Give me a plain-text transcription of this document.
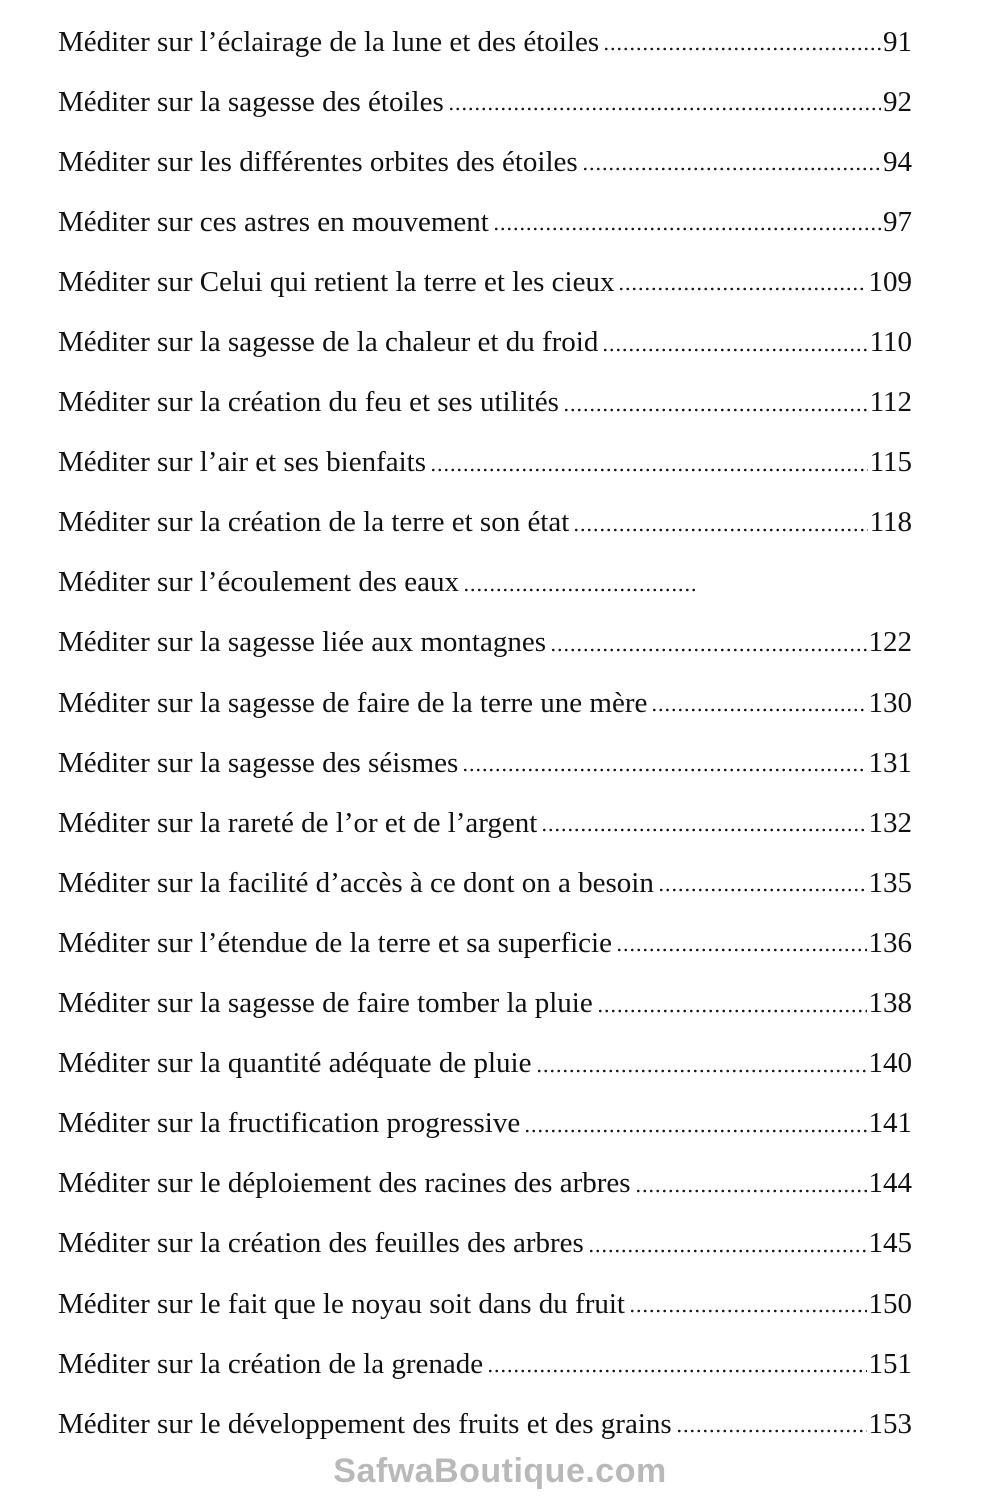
Méditer sur l’éclairage de la lune et des étoiles	91
Méditer sur la sagesse des étoiles	92
Méditer sur les différentes orbites des étoiles	94
Méditer sur ces astres en mouvement	97
Méditer sur Celui qui retient la terre et les cieux	109
Méditer sur la sagesse de la chaleur et du froid	110
Méditer sur la création du feu et ses utilités	112
Méditer sur l’air et ses bienfaits	115
Méditer sur la création de la terre et son état	118
Méditer sur l’écoulement des eaux
Méditer sur la sagesse liée aux montagnes	122
Méditer sur la sagesse de faire de la terre une mère	130
Méditer sur la sagesse des séismes	131
Méditer sur la rareté de l’or et de l’argent	132
Méditer sur la facilité d’accès à ce dont on a besoin	135
Méditer sur l’étendue de la terre et sa superficie	136
Méditer sur la sagesse de faire tomber la pluie	138
Méditer sur la quantité adéquate de pluie	140
Méditer sur la fructification progressive	141
Méditer sur le déploiement des racines des arbres	144
Méditer sur la création des feuilles des arbres	145
Méditer sur le fait que le noyau soit dans du fruit	150
Méditer sur la création de la grenade	151
Méditer sur le développement des fruits et des grains	153
SafwaBoutique.com
